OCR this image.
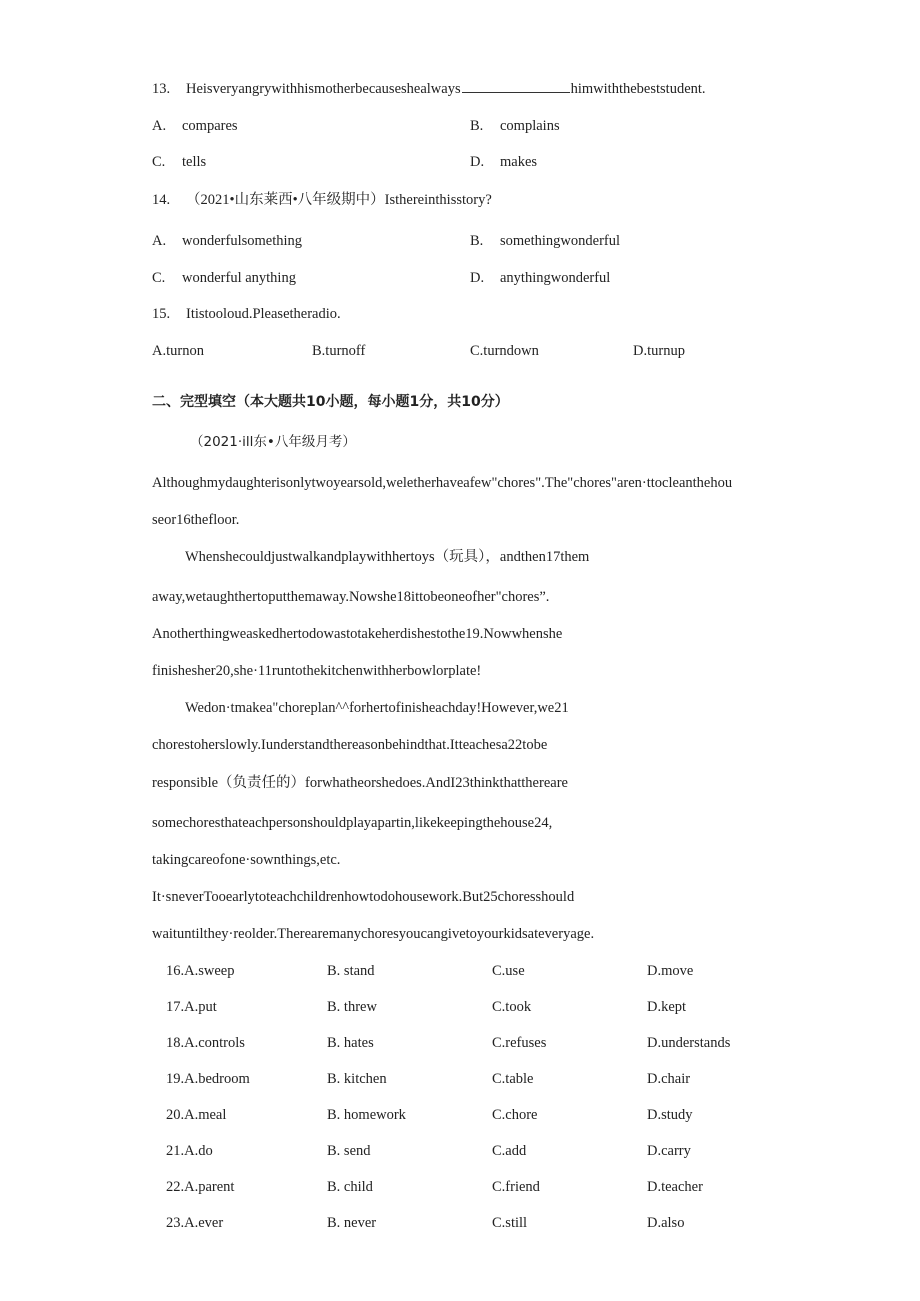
13. Heisveryangrywithhismotherbecauseshealways	himwiththebeststudent.
A. compares	B. complains
C. tells	D. makes
14. （2021•山东莱西•八年级期中）Isthereinthisstory?
A. wonderfulsomething	B. somethingwonderful
C. wonderful anything	D. anythingwonderful
15. Itistooloud.Pleasetheradio.
A.turnon	B.turnoff	C.turndown	D.turnup
二、完型填空（本大题共10小题，每小题1分，共10分）
（2021·ill东•八年级月考）
Althoughmydaughterisonlytwoyearsold,weletherhaveafew"chores".The"chores"aren·ttocleanthehou
seor16thefloor.
Whenshecouldjustwalkandplaywithhertoys（玩具），andthen17them
away,wetaughthertoputthemaway.Nowshe18ittobeoneofher"chores”.
Anotherthingweaskedhertodowastotakeherdishestothe19.Nowwhenshe
finishesher20,she·11runtothekitchenwithherbowlorplate!
Wedon·tmakea"choreplan^^forhertofinisheachday!However,we21
chorestoherslowly.Iunderstandthereasonbehindthat.Itteachesa22tobe
responsible（负责任的）forwhatheorshedoes.AndI23thinkthatthereare
somechoresthateachpersonshouldplayapartin,likekeepingthehouse24,
takingcareofone·sownthings,etc.
It·sneverTooearlytoteachchildrenhowtodohousework.But25choresshould
waituntilthey·reolder.Therearemanychoresyoucangivetoyourkidsateveryage.
16.A.sweep	B. stand	C.use	D.move
17.A.put	B. threw	C.took	D.kept
18.A.controls	B. hates	C.refuses	D.understands
19.A.bedroom	B. kitchen	C.table	D.chair
20.A.meal	B. homework	C.chore	D.study
21.A.do	B. send	C.add	D.carry
22.A.parent	B. child	C.friend	D.teacher
23.A.ever	B. never	C.still	D.also
